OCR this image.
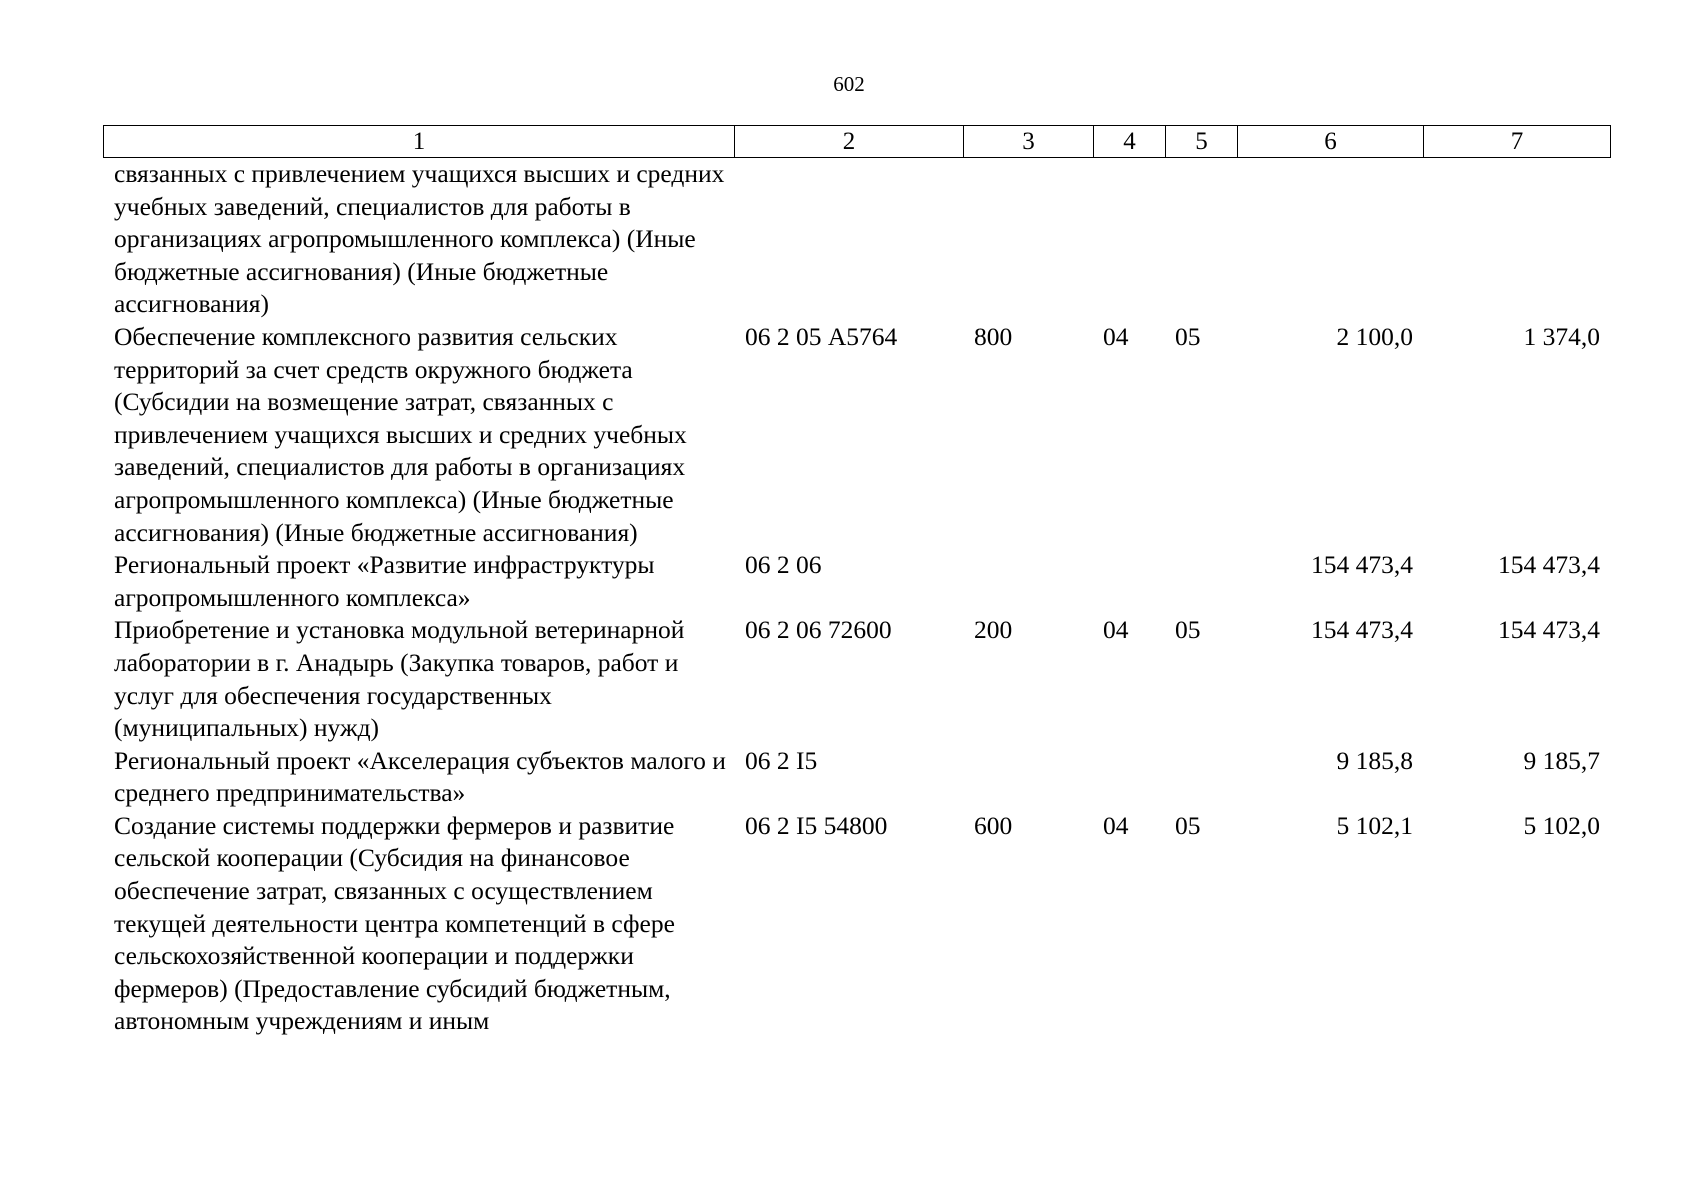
602
1	2	3	4	5	6	7
связанных с привлечением учащихся высших и средних учебных заведений, специалистов для работы в организациях агропромышленного комплекса) (Иные бюджетные ассигнования) (Иные бюджетные ассигнования)						
Обеспечение комплексного развития сельских территорий за счет средств окружного бюджета (Субсидии на возмещение затрат, связанных с привлечением учащихся высших и средних учебных заведений, специалистов для работы в организациях агропромышленного комплекса) (Иные бюджетные ассигнования) (Иные бюджетные ассигнования)	06 2 05 А5764	800	04	05	2 100,0	1 374,0
Региональный проект «Развитие инфраструктуры агропромышленного комплекса»	06 2 06				154 473,4	154 473,4
Приобретение и установка модульной ветеринарной лаборатории в г. Анадырь (Закупка товаров, работ и услуг для обеспечения государственных (муниципальных) нужд)	06 2 06 72600	200	04	05	154 473,4	154 473,4
Региональный проект «Акселерация субъектов малого и среднего предпринимательства»	06 2 I5				9 185,8	9 185,7
Создание системы поддержки фермеров и развитие сельской кооперации (Субсидия на финансовое обеспечение затрат, связанных с осуществлением текущей деятельности центра компетенций в сфере сельскохозяйственной кооперации и поддержки фермеров) (Предоставление субсидий бюджетным, автономным учреждениям и иным	06 2 I5 54800	600	04	05	5 102,1	5 102,0
